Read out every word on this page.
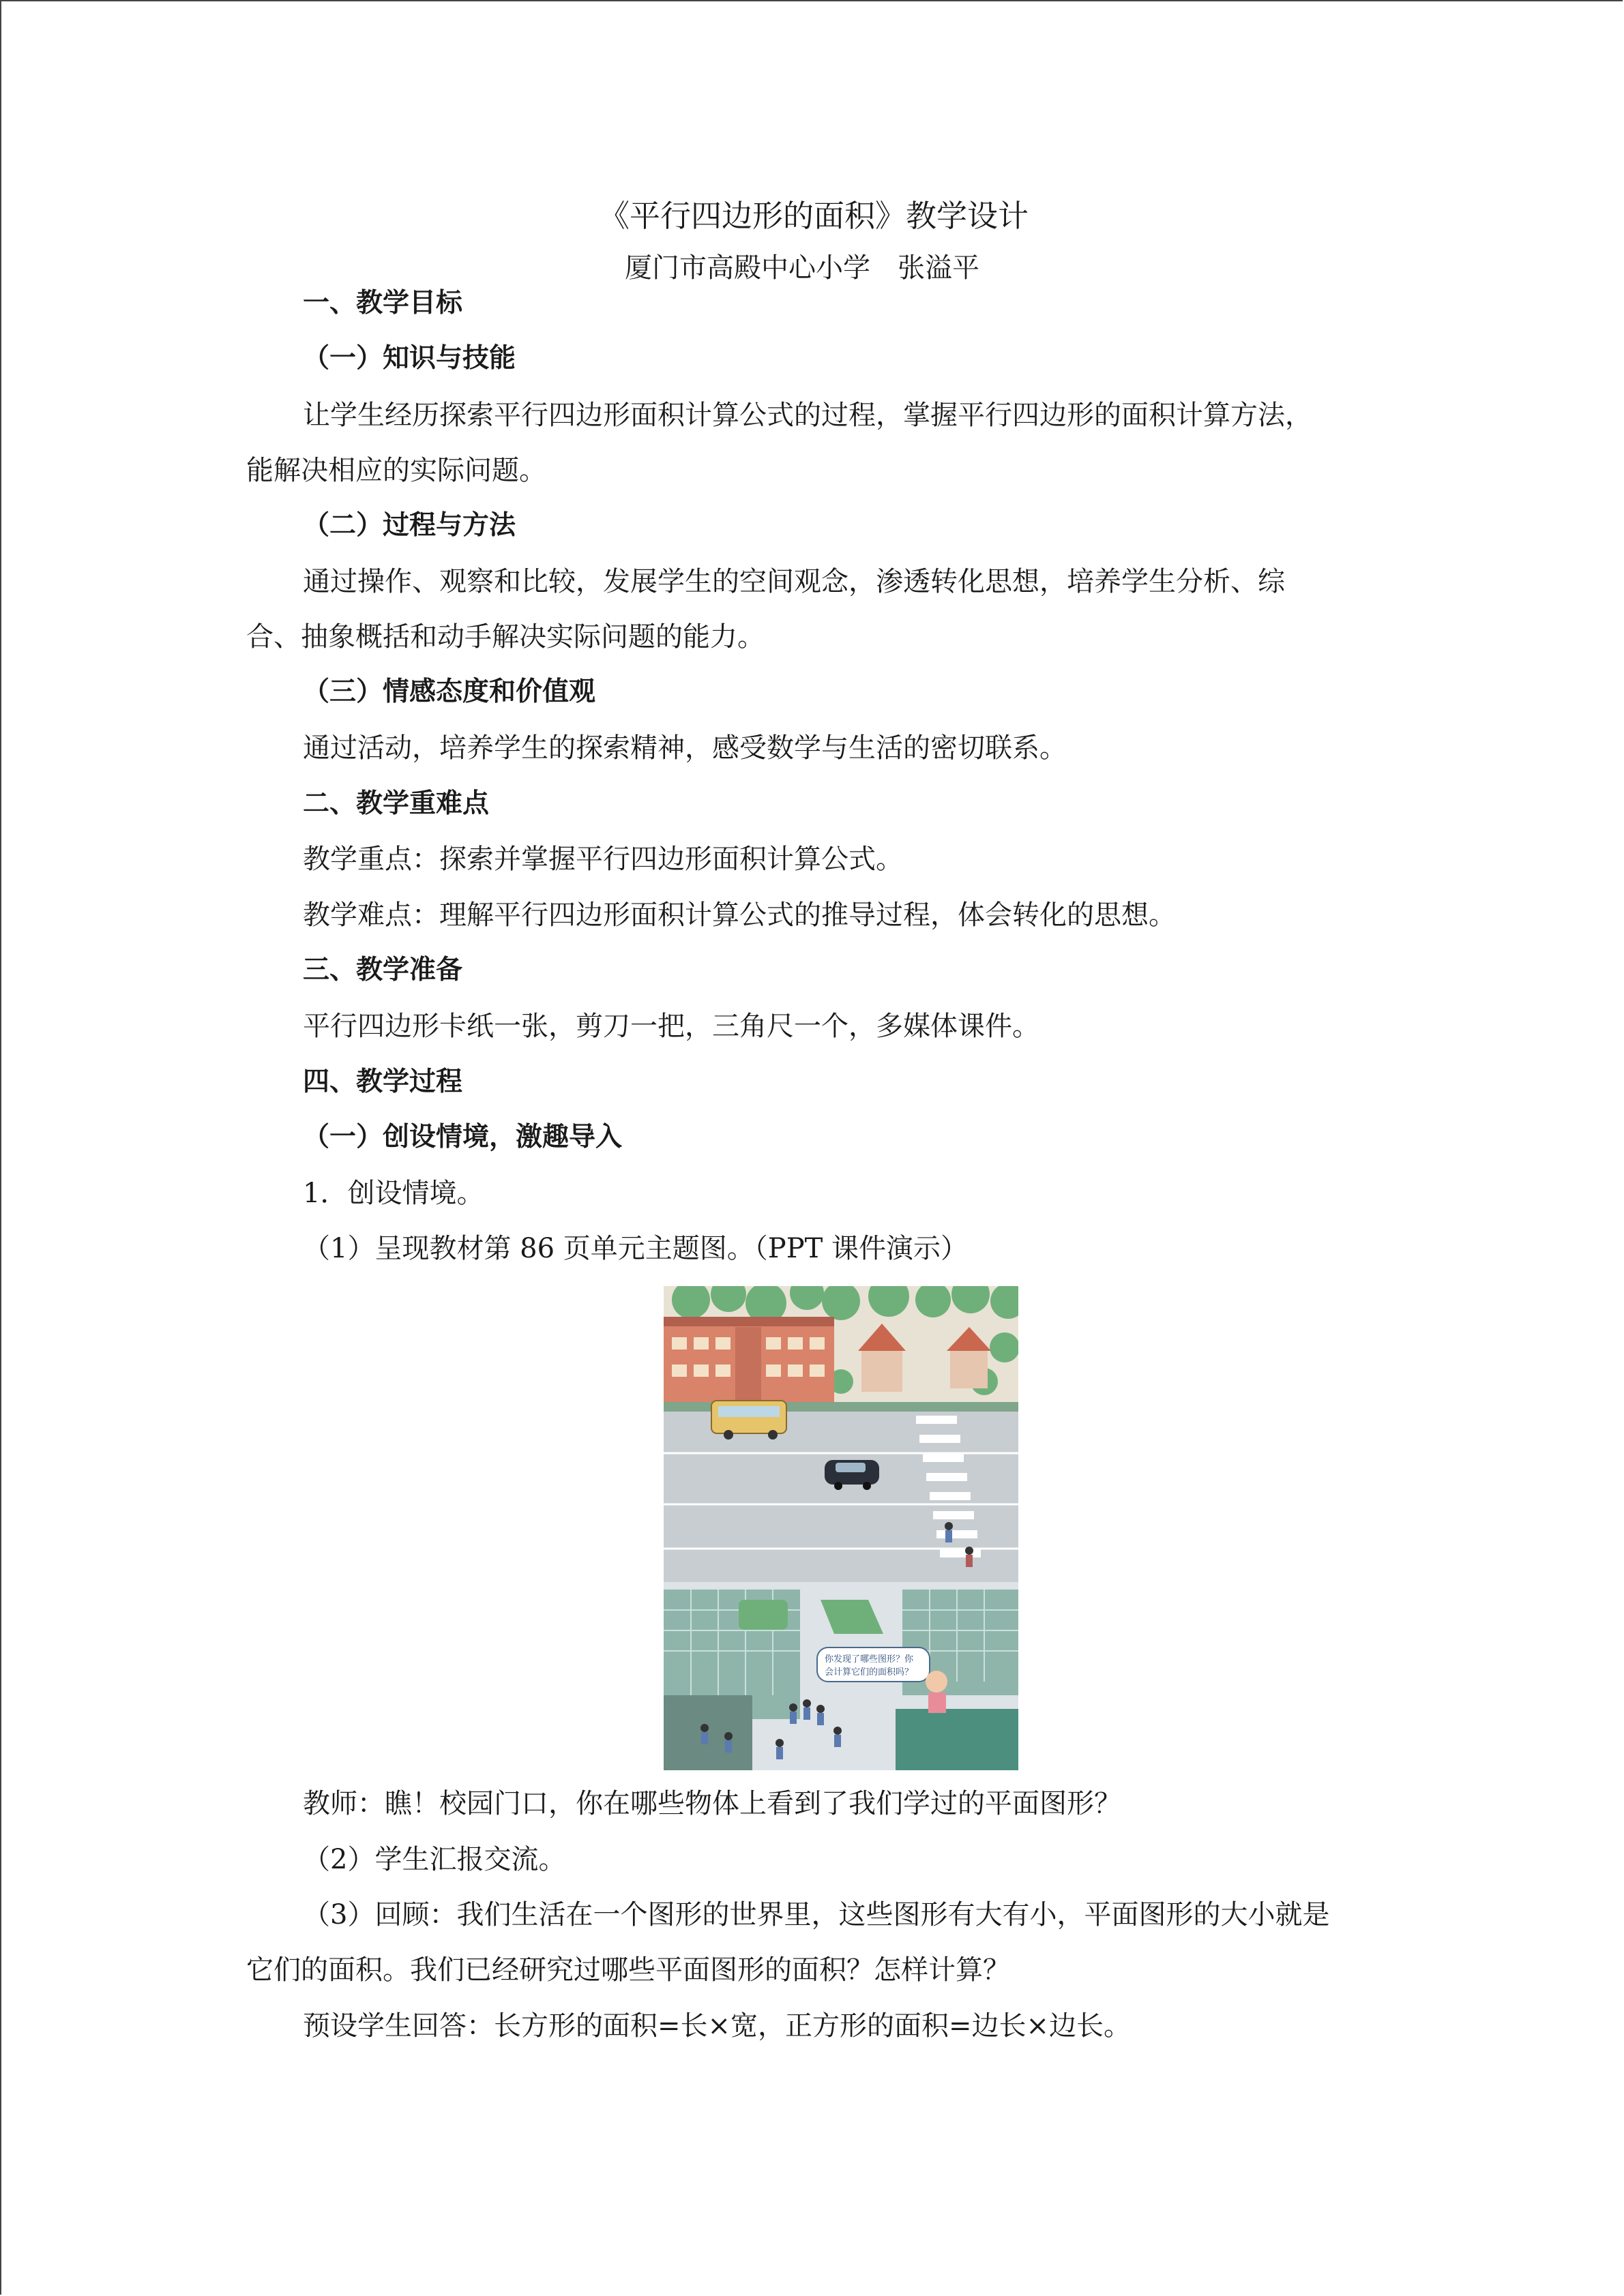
《平行四边形的面积》教学设计
厦门市高殿中心小学　张溢平
一、教学目标
（一）知识与技能
让学生经历探索平行四边形面积计算公式的过程，掌握平行四边形的面积计算方法，
能解决相应的实际问题。
（二）过程与方法
通过操作、观察和比较，发展学生的空间观念，渗透转化思想，培养学生分析、综
合、抽象概括和动手解决实际问题的能力。
（三）情感态度和价值观
通过活动，培养学生的探索精神，感受数学与生活的密切联系。
二、教学重难点
教学重点：探索并掌握平行四边形面积计算公式。
教学难点：理解平行四边形面积计算公式的推导过程，体会转化的思想。
三、教学准备
平行四边形卡纸一张，剪刀一把，三角尺一个，多媒体课件。
四、教学过程
（一）创设情境，激趣导入
1．创设情境。
（1）呈现教材第 86 页单元主题图。（PPT 课件演示）
你发现了哪些图形？你
会计算它们的面积吗？
教师：瞧！校园门口，你在哪些物体上看到了我们学过的平面图形？
（2）学生汇报交流。
（3）回顾：我们生活在一个图形的世界里，这些图形有大有小，平面图形的大小就是
它们的面积。我们已经研究过哪些平面图形的面积？怎样计算？
预设学生回答：长方形的面积=长×宽，正方形的面积=边长×边长。
